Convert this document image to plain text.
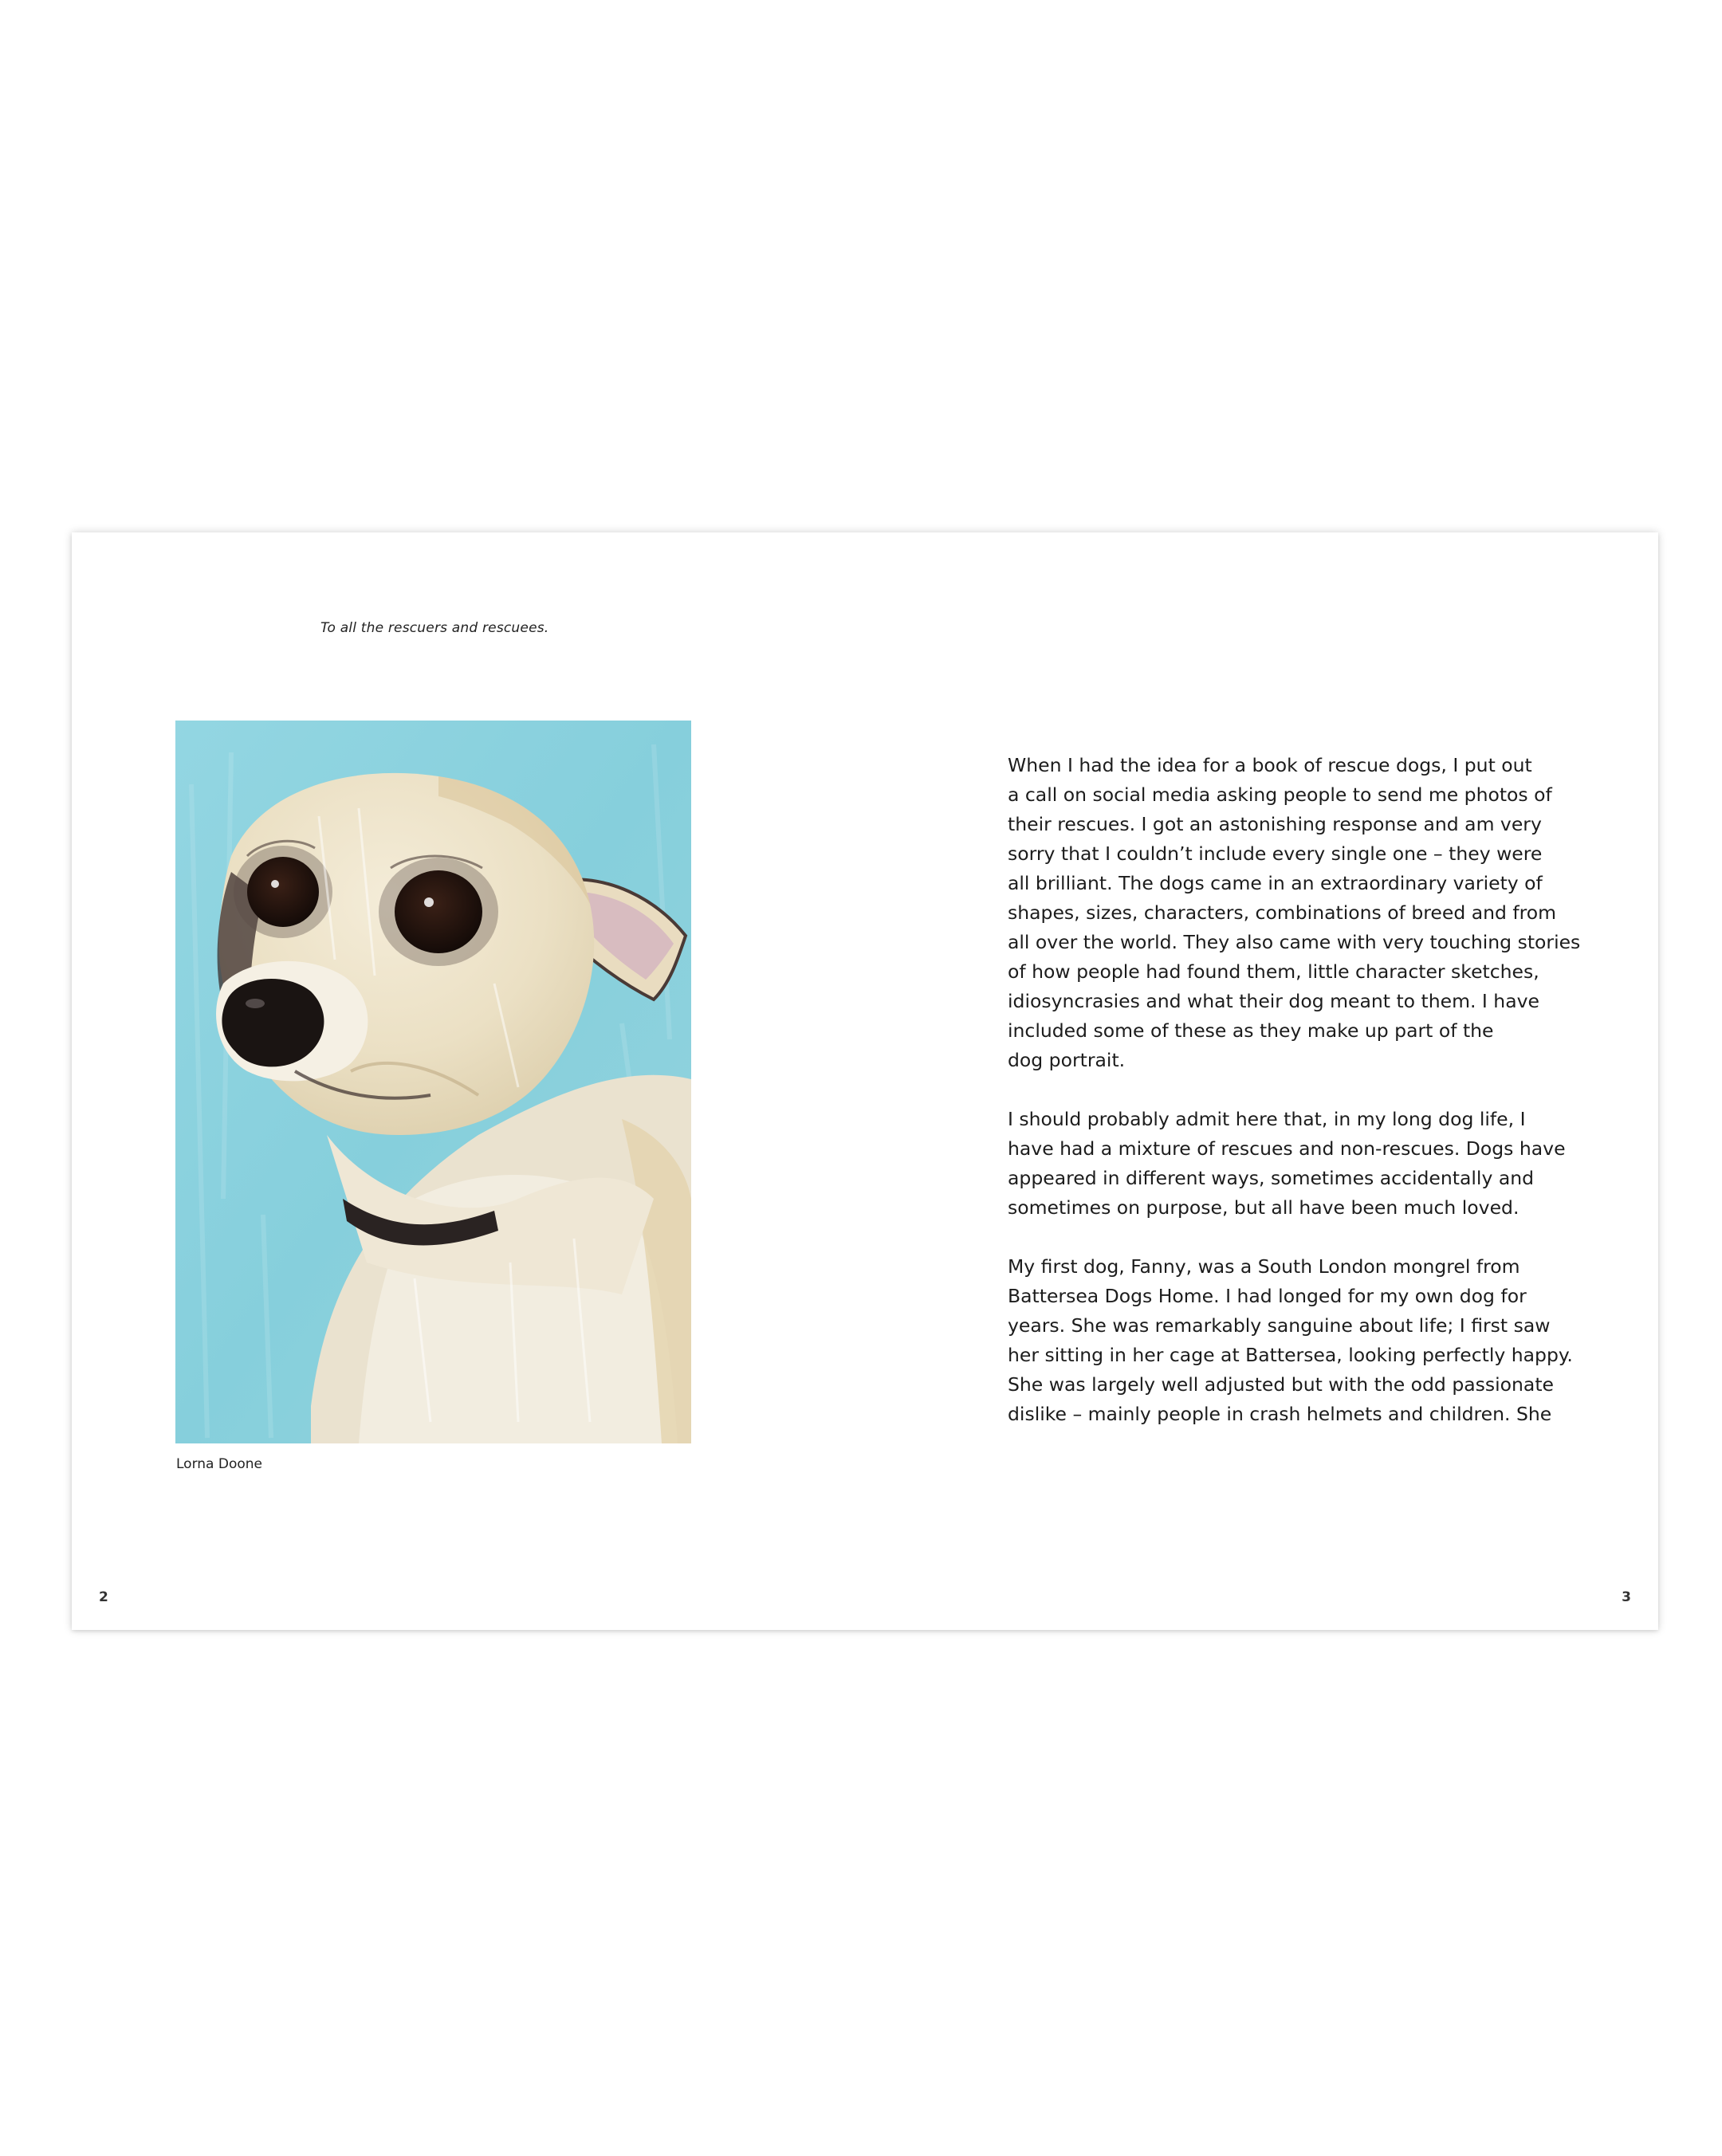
To all the rescuers and rescuees.
Lorna Doone
2
When I had the idea for a book of rescue dogs, I put out
a call on social media asking people to send me photos of
their rescues. I got an astonishing response and am very
sorry that I couldn’t include every single one – they were
all brilliant. The dogs came in an extraordinary variety of
shapes, sizes, characters, combinations of breed and from
all over the world. They also came with very touching stories
of how people had found them, little character sketches,
idiosyncrasies and what their dog meant to them. I have
included some of these as they make up part of the
dog portrait.
I should probably admit here that, in my long dog life, I
have had a mixture of rescues and non-rescues. Dogs have
appeared in different ways, sometimes accidentally and
sometimes on purpose, but all have been much loved.
My first dog, Fanny, was a South London mongrel from
Battersea Dogs Home. I had longed for my own dog for
years. She was remarkably sanguine about life; I first saw
her sitting in her cage at Battersea, looking perfectly happy.
She was largely well adjusted but with the odd passionate
dislike – mainly people in crash helmets and children. She
3
